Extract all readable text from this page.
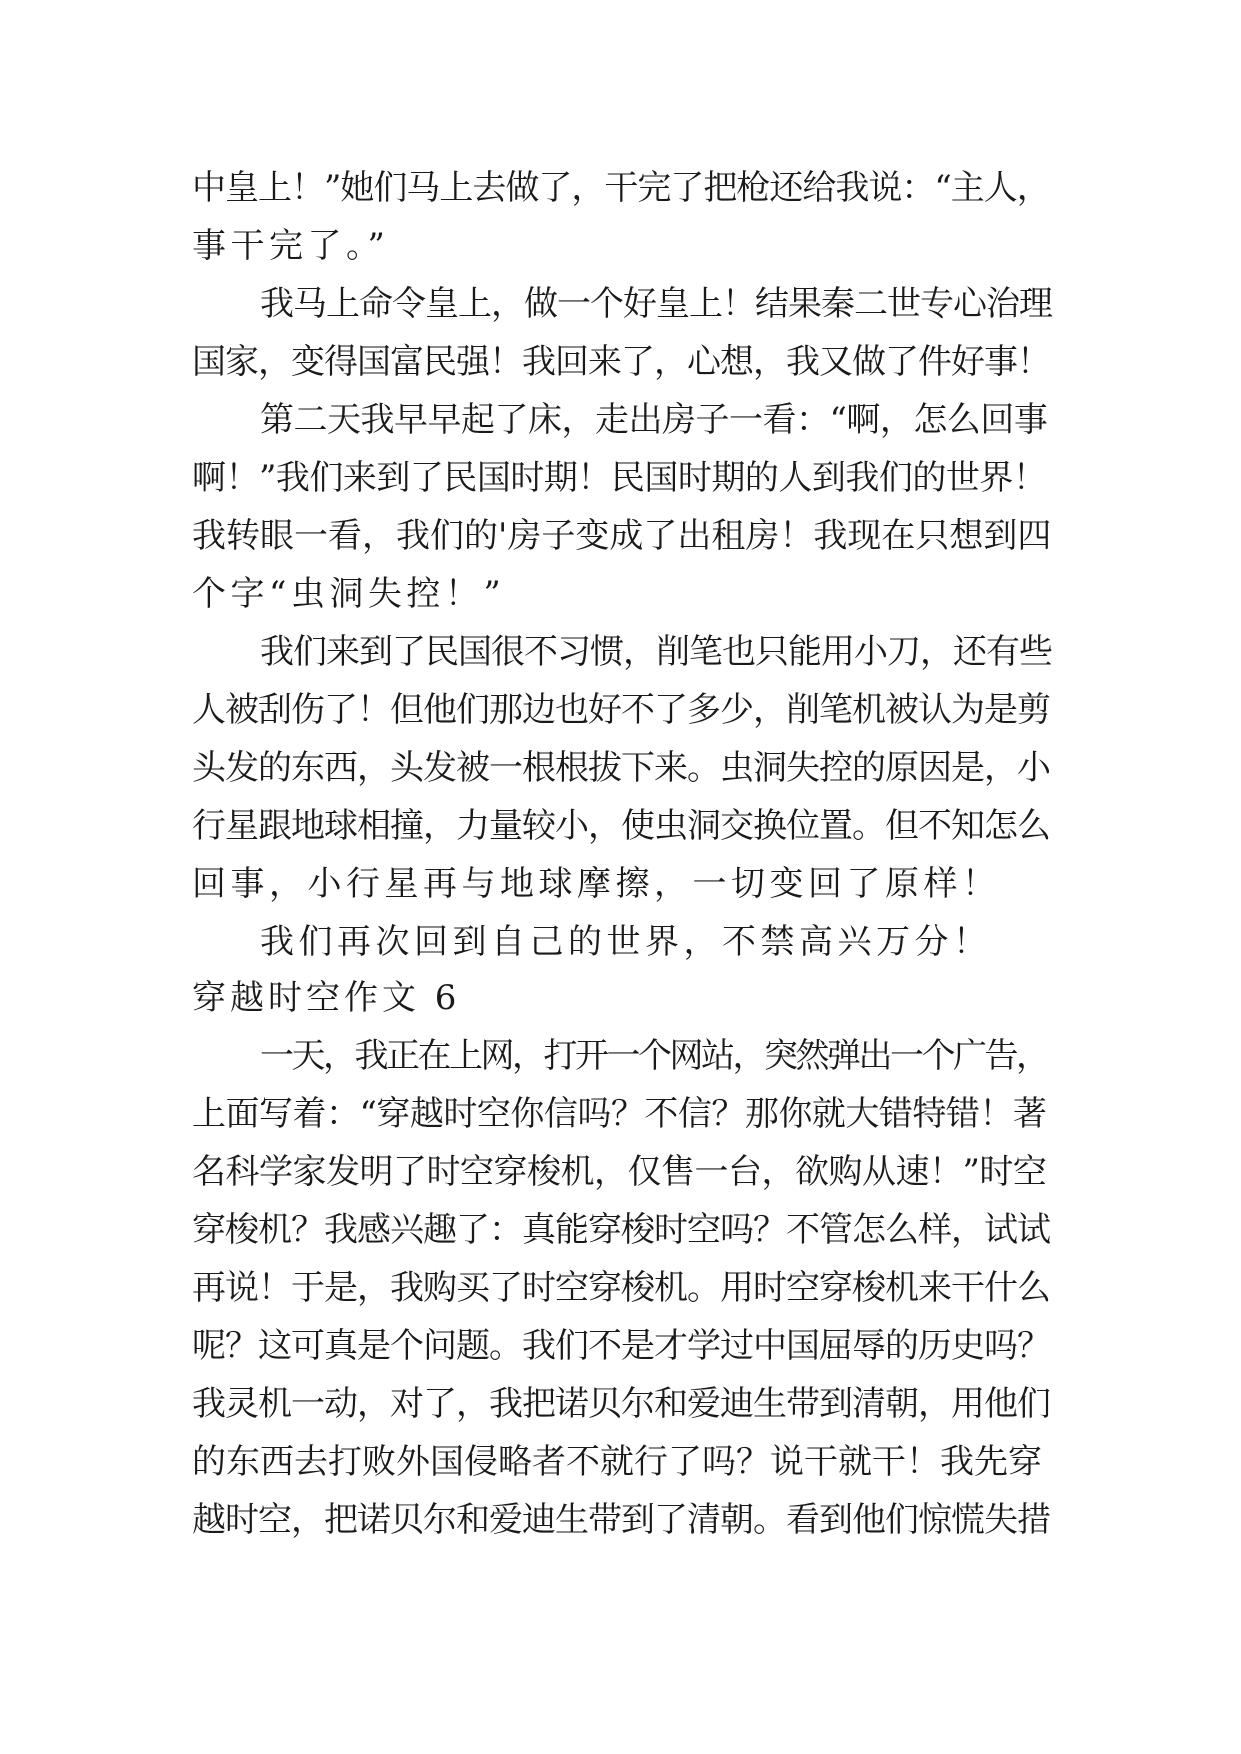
中皇上！”她们马上去做了，干完了把枪还给我说：“主人，
事干完了。”
我马上命令皇上，做一个好皇上！结果秦二世专心治理
国家，变得国富民强！我回来了，心想，我又做了件好事！
第二天我早早起了床，走出房子一看：“啊，怎么回事
啊！”我们来到了民国时期！民国时期的人到我们的世界！
我转眼一看，我们的'房子变成了出租房！我现在只想到四
个字“虫洞失控！”
我们来到了民国很不习惯，削笔也只能用小刀，还有些
人被刮伤了！但他们那边也好不了多少，削笔机被认为是剪
头发的东西，头发被一根根拔下来。虫洞失控的原因是，小
行星跟地球相撞，力量较小，使虫洞交换位置。但不知怎么
回事，小行星再与地球摩擦，一切变回了原样！
我们再次回到自己的世界，不禁高兴万分！
穿越时空作文 6
一天，我正在上网，打开一个网站，突然弹出一个广告，
上面写着：“穿越时空你信吗？不信？那你就大错特错！著
名科学家发明了时空穿梭机，仅售一台，欲购从速！”时空
穿梭机？我感兴趣了：真能穿梭时空吗？不管怎么样，试试
再说！于是，我购买了时空穿梭机。用时空穿梭机来干什么
呢？这可真是个问题。我们不是才学过中国屈辱的历史吗？
我灵机一动，对了，我把诺贝尔和爱迪生带到清朝，用他们
的东西去打败外国侵略者不就行了吗？说干就干！我先穿
越时空，把诺贝尔和爱迪生带到了清朝。看到他们惊慌失措
